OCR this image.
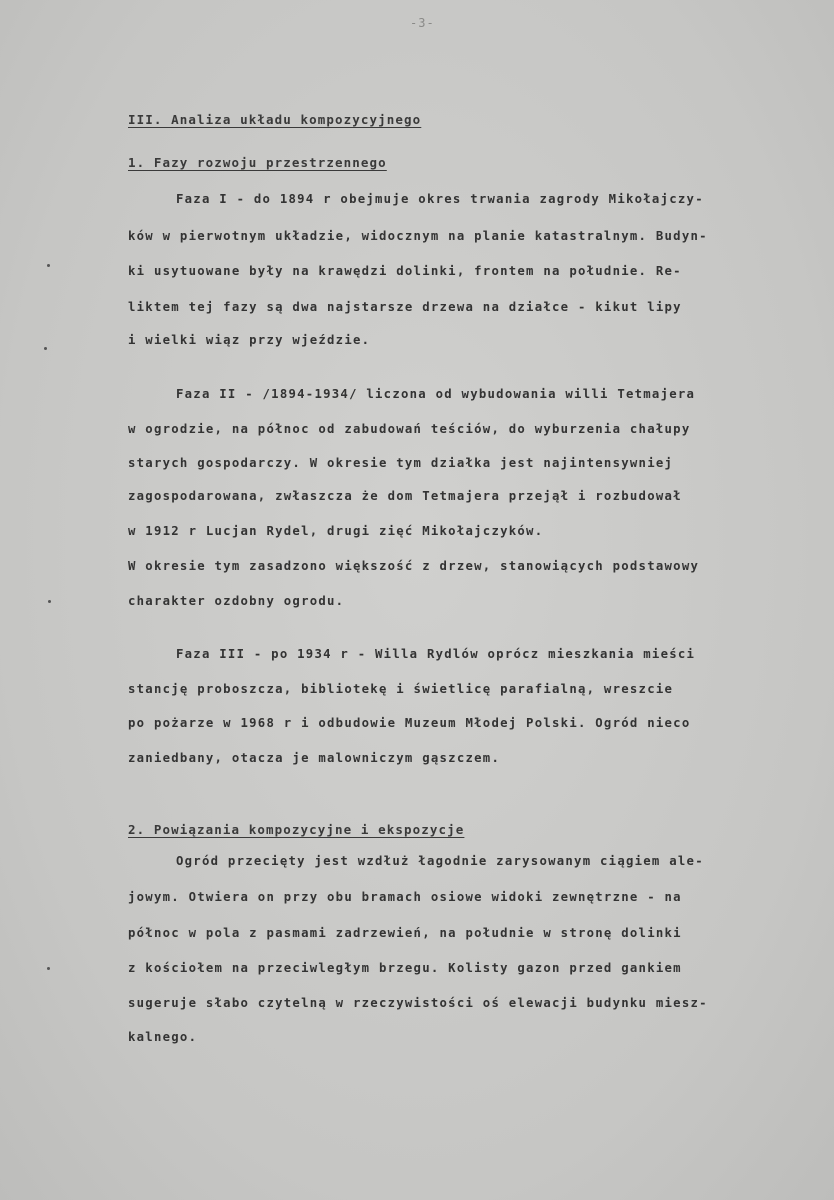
-3-
III. Analiza układu kompozycyjnego
1. Fazy rozwoju przestrzennego
Faza I - do 1894 r obejmuje okres trwania zagrody Mikołajczy-
ków w pierwotnym układzie, widocznym na planie katastralnym. Budyn-
ki usytuowane były na krawędzi dolinki, frontem na południe. Re-
liktem tej fazy są dwa najstarsze drzewa na działce - kikut lipy
i wielki wiąz przy wjeździe.
Faza II - /1894-1934/ liczona od wybudowania willi Tetmajera
w ogrodzie, na północ od zabudowań teściów, do wyburzenia chałupy
starych gospodarczy. W okresie tym działka jest najintensywniej
zagospodarowana, zwłaszcza że dom Tetmajera przejął i rozbudował
w 1912 r Lucjan Rydel, drugi zięć Mikołajczyków.
W okresie tym zasadzono większość z drzew, stanowiących podstawowy
charakter ozdobny ogrodu.
Faza III - po 1934 r - Willa Rydlów oprócz mieszkania mieści
stancję proboszcza, bibliotekę i świetlicę parafialną, wreszcie
po pożarze w 1968 r i odbudowie Muzeum Młodej Polski. Ogród nieco
zaniedbany, otacza je malowniczym gąszczem.
2. Powiązania kompozycyjne i ekspozycje
Ogród przecięty jest wzdłuż łagodnie zarysowanym ciągiem ale-
jowym. Otwiera on przy obu bramach osiowe widoki zewnętrzne - na
północ w pola z pasmami zadrzewień, na południe w stronę dolinki
z kościołem na przeciwległym brzegu. Kolisty gazon przed gankiem
sugeruje słabo czytelną w rzeczywistości oś elewacji budynku miesz-
kalnego.
